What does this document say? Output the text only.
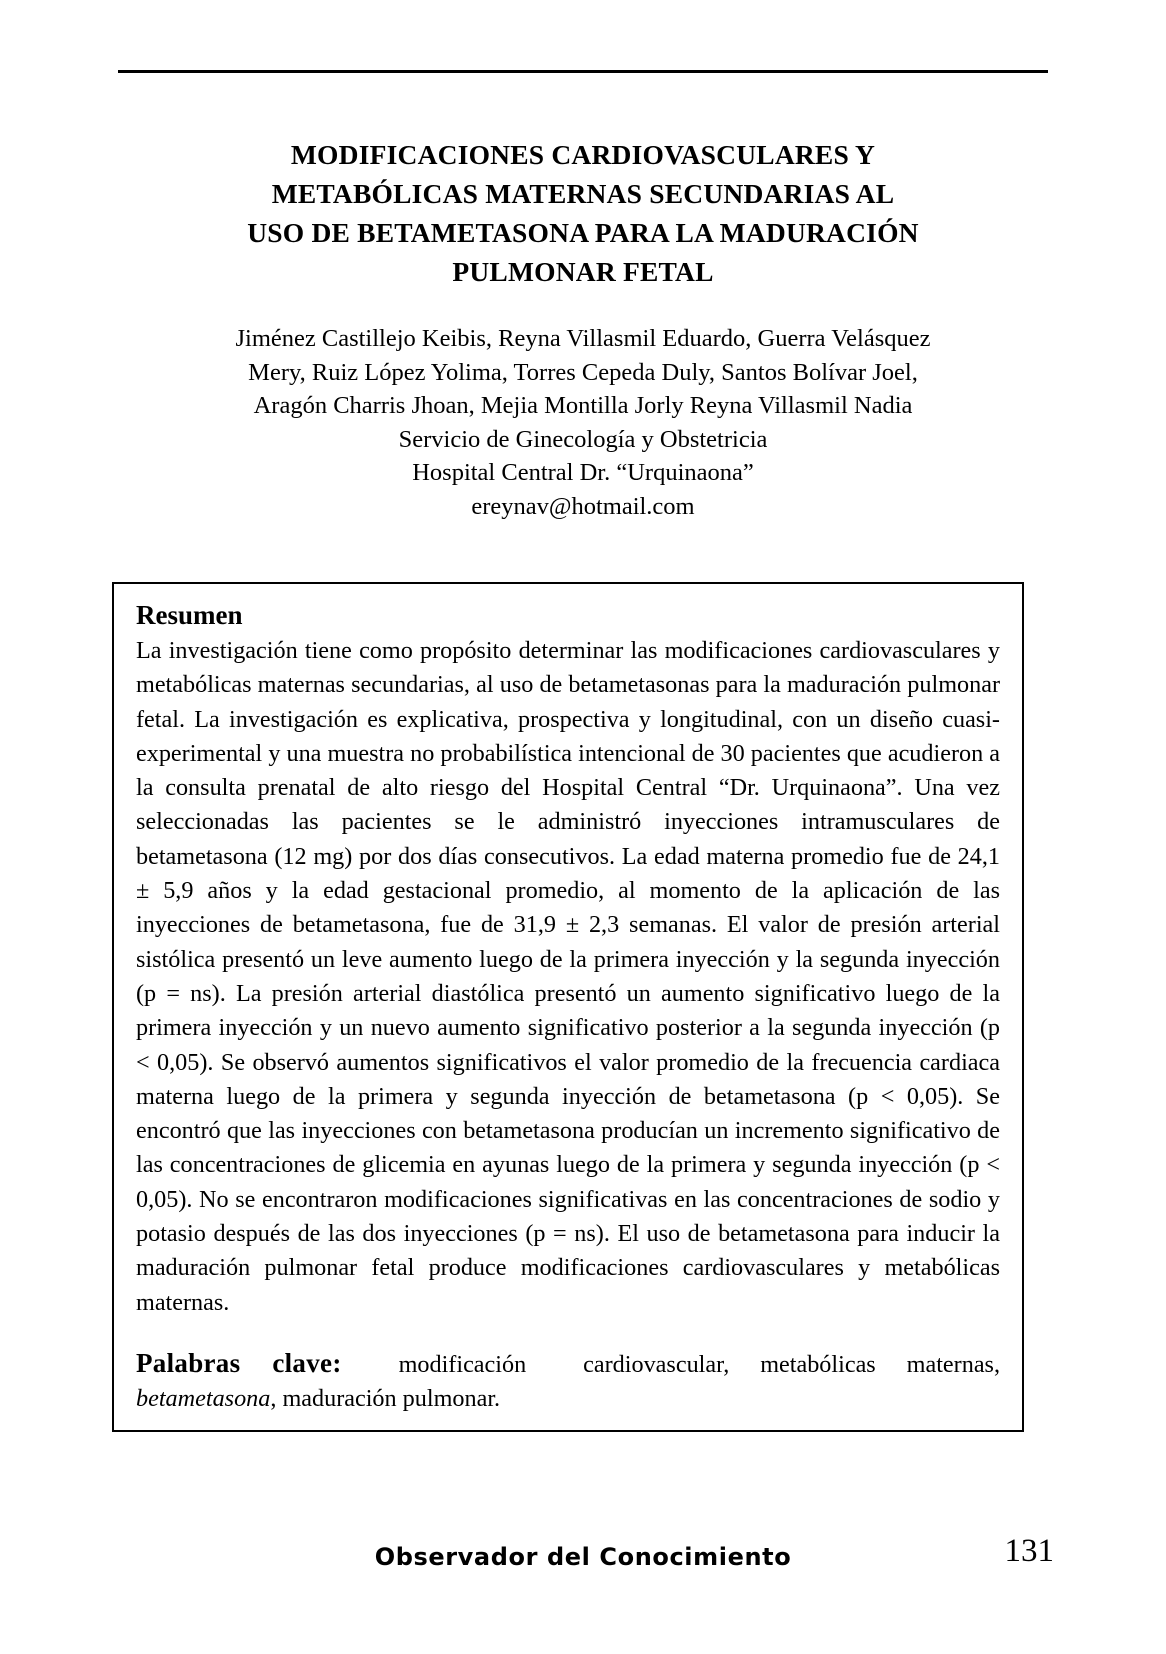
MODIFICACIONES CARDIOVASCULARES Y
METABÓLICAS MATERNAS SECUNDARIAS AL
USO DE BETAMETASONA PARA LA MADURACIÓN
PULMONAR FETAL
Jiménez Castillejo Keibis, Reyna Villasmil Eduardo, Guerra Velásquez
Mery, Ruiz López Yolima, Torres Cepeda Duly, Santos Bolívar Joel,
Aragón Charris Jhoan, Mejia Montilla Jorly Reyna Villasmil Nadia
Servicio de Ginecología y Obstetricia
Hospital Central Dr. “Urquinaona”
ereynav@hotmail.com
Resumen

La investigación tiene como propósito determinar las modificaciones cardiovasculares y metabólicas maternas secundarias, al uso de betametasonas para la maduración pulmonar fetal. La investigación es explicativa, prospectiva y longitudinal, con un diseño cuasi-experimental y una muestra no probabilística intencional de 30 pacientes que acudieron a la consulta prenatal de alto riesgo del Hospital Central “Dr. Urquinaona”. Una vez seleccionadas las pacientes se le administró inyecciones intramusculares de betametasona (12 mg) por dos días consecutivos. La edad materna promedio fue de 24,1 ± 5,9 años y la edad gestacional promedio, al momento de la aplicación de las inyecciones de betametasona, fue de 31,9 ± 2,3 semanas. El valor de presión arterial sistólica presentó un leve aumento luego de la primera inyección y la segunda inyección (p = ns). La presión arterial diastólica presentó un aumento significativo luego de la primera inyección y un nuevo aumento significativo posterior a la segunda inyección (p < 0,05). Se observó aumentos significativos el valor promedio de la frecuencia cardiaca materna luego de la primera y segunda inyección de betametasona (p < 0,05). Se encontró que las inyecciones con betametasona producían un incremento significativo de las concentraciones de glicemia en ayunas luego de la primera y segunda inyección (p < 0,05). No se encontraron modificaciones significativas en las concentraciones de sodio y potasio después de las dos inyecciones (p = ns). El uso de betametasona para inducir la maduración pulmonar fetal produce modificaciones cardiovasculares y metabólicas maternas.

Palabras clave: modificación cardiovascular, metabólicas maternas, betametasona, maduración pulmonar.
Observador del Conocimiento	131
